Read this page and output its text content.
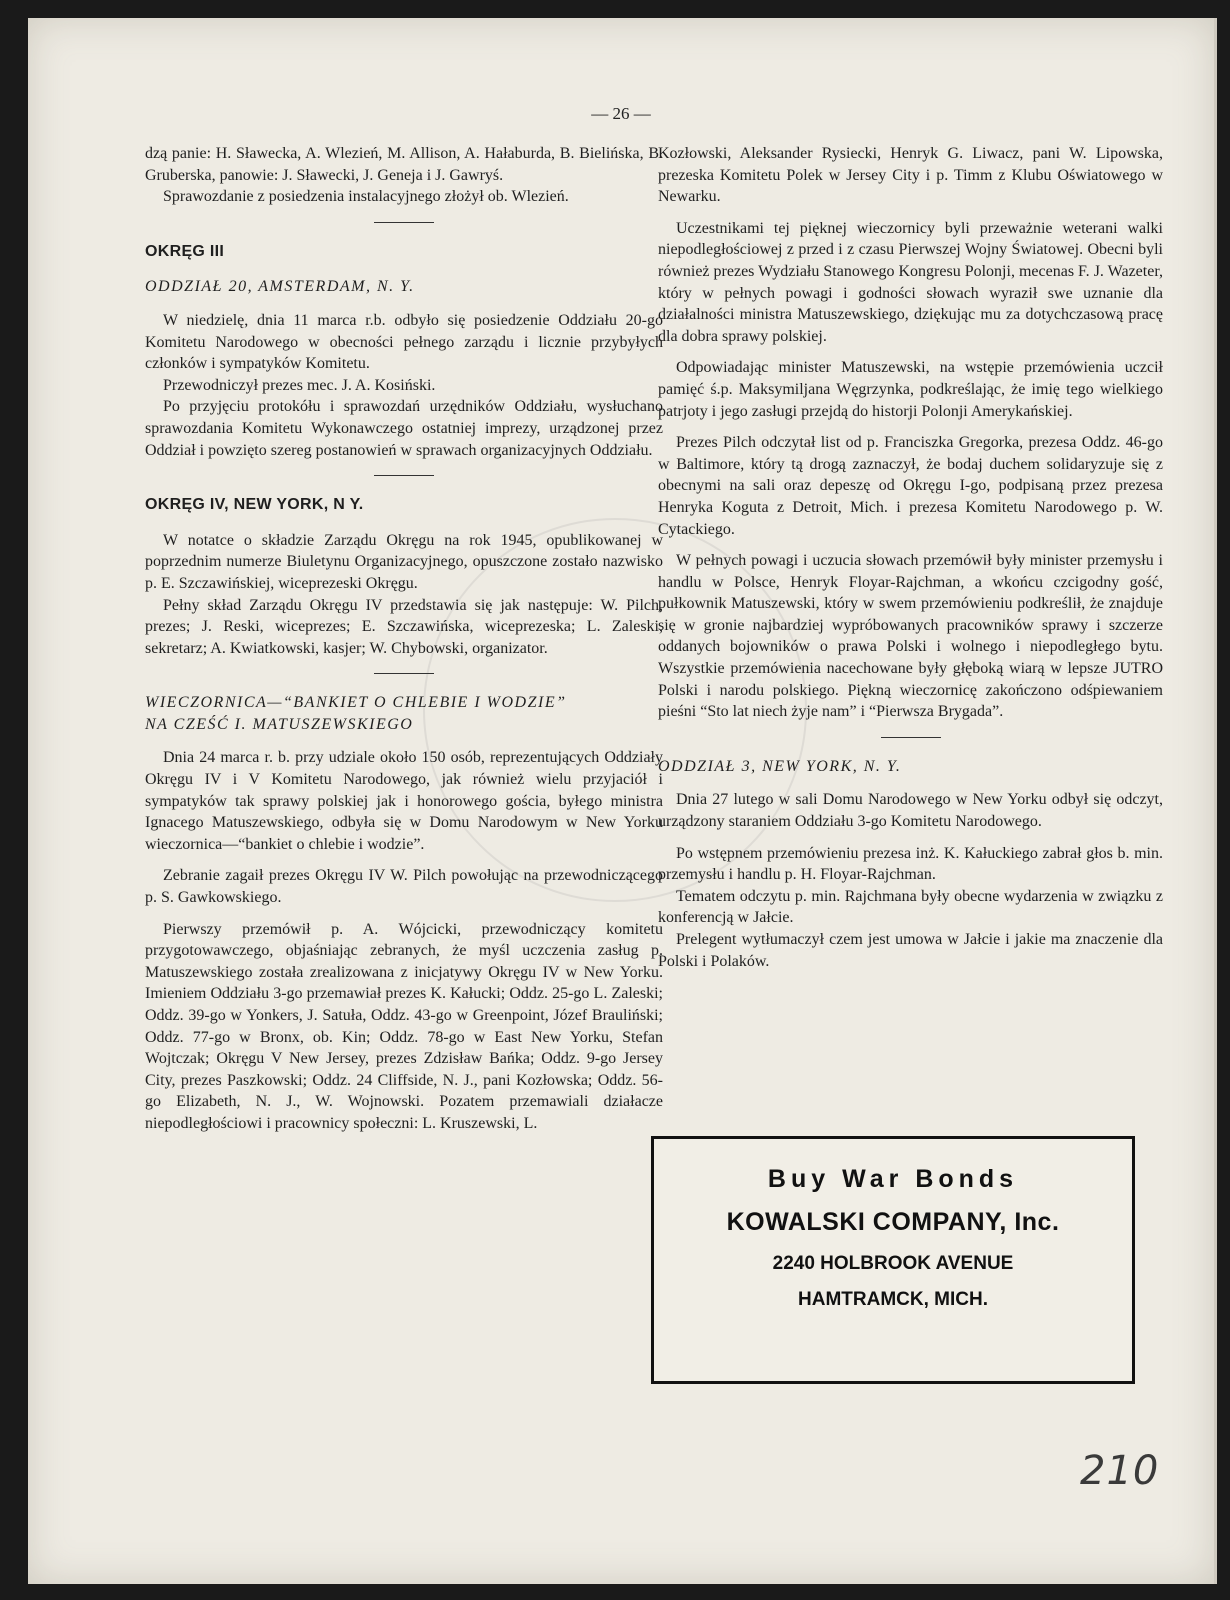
— 26 —

dzą panie: H. Sławecka, A. Wlezień, M. Allison, A. Hałaburda, B. Bielińska, B. Gruberska, panowie: J. Sławecki, J. Geneja i J. Gawryś.

Sprawozdanie z posiedzenia instalacyjnego złożył ob. Wlezień.

OKRĘG III
ODDZIAŁ 20, AMSTERDAM, N. Y.

W niedzielę, dnia 11 marca r.b. odbyło się posiedzenie Oddziału 20-go Komitetu Narodowego w obecności pełnego zarządu i licznie przybyłych członków i sympatyków Komitetu.

Przewodniczył prezes mec. J. A. Kosiński.

Po przyjęciu protokółu i sprawozdań urzędników Oddziału, wysłuchano sprawozdania Komitetu Wykonawczego ostatniej imprezy, urządzonej przez Oddział i powzięto szereg postanowień w sprawach organizacyjnych Oddziału.

OKRĘG IV, NEW YORK, N Y.

W notatce o składzie Zarządu Okręgu na rok 1945, opublikowanej w poprzednim numerze Biuletynu Organizacyjnego, opuszczone zostało nazwisko p. E. Szczawińskiej, wiceprezeski Okręgu.

Pełny skład Zarządu Okręgu IV przedstawia się jak następuje: W. Pilch, prezes; J. Reski, wiceprezes; E. Szczawińska, wiceprezeska; L. Zaleski, sekretarz; A. Kwiatkowski, kasjer; W. Chybowski, organizator.

WIECZORNICA—“BANKIET O CHLEBIE I WODZIE”
NA CZEŚĆ I. MATUSZEWSKIEGO

Dnia 24 marca r. b. przy udziale około 150 osób, reprezentujących Oddziały Okręgu IV i V Komitetu Narodowego, jak również wielu przyjaciół i sympatyków tak sprawy polskiej jak i honorowego gościa, byłego ministra Ignacego Matuszewskiego, odbyła się w Domu Narodowym w New Yorku wieczornica—“bankiet o chlebie i wodzie”.

Zebranie zagaił prezes Okręgu IV W. Pilch powołując na przewodniczącego p. S. Gawkowskiego.

Pierwszy przemówił p. A. Wójcicki, przewodniczący komitetu przygotowawczego, objaśniając zebranych, że myśl uczczenia zasług p. Matuszewskiego została zrealizowana z inicjatywy Okręgu IV w New Yorku. Imieniem Oddziału 3-go przemawiał prezes K. Kałucki; Oddz. 25-go L. Zaleski; Oddz. 39-go w Yonkers, J. Satuła, Oddz. 43-go w Greenpoint, Józef Brauliński; Oddz. 77-go w Bronx, ob. Kin; Oddz. 78-go w East New Yorku, Stefan Wojtczak; Okręgu V New Jersey, prezes Zdzisław Bańka; Oddz. 9-go Jersey City, prezes Paszkowski; Oddz. 24 Cliffside, N. J., pani Kozłowska; Oddz. 56-go Elizabeth, N. J., W. Wojnowski. Pozatem przemawiali działacze niepodległościowi i pracownicy społeczni: L. Kruszewski, L.

Kozłowski, Aleksander Rysiecki, Henryk G. Liwacz, pani W. Lipowska, prezeska Komitetu Polek w Jersey City i p. Timm z Klubu Oświatowego w Newarku.

Uczestnikami tej pięknej wieczornicy byli przeważnie weterani walki niepodległościowej z przed i z czasu Pierwszej Wojny Światowej. Obecni byli również prezes Wydziału Stanowego Kongresu Polonji, mecenas F. J. Wazeter, który w pełnych powagi i godności słowach wyraził swe uznanie dla działalności ministra Matuszewskiego, dziękując mu za dotychczasową pracę dla dobra sprawy polskiej.

Odpowiadając minister Matuszewski, na wstępie przemówienia uczcił pamięć ś.p. Maksymiljana Węgrzynka, podkreślając, że imię tego wielkiego patrjoty i jego zasługi przejdą do historji Polonji Amerykańskiej.

Prezes Pilch odczytał list od p. Franciszka Gregorka, prezesa Oddz. 46-go w Baltimore, który tą drogą zaznaczył, że bodaj duchem solidaryzuje się z obecnymi na sali oraz depeszę od Okręgu I-go, podpisaną przez prezesa Henryka Koguta z Detroit, Mich. i prezesa Komitetu Narodowego p. W. Cytackiego.

W pełnych powagi i uczucia słowach przemówił były minister przemysłu i handlu w Polsce, Henryk Floyar-Rajchman, a wkońcu czcigodny gość, pułkownik Matuszewski, który w swem przemówieniu podkreślił, że znajduje się w gronie najbardziej wypróbowanych pracowników sprawy i szczerze oddanych bojowników o prawa Polski i wolnego i niepodległego bytu. Wszystkie przemówienia nacechowane były głęboką wiarą w lepsze JUTRO Polski i narodu polskiego. Piękną wieczornicę zakończono odśpiewaniem pieśni “Sto lat niech żyje nam” i “Pierwsza Brygada”.

ODDZIAŁ 3, NEW YORK, N. Y.

Dnia 27 lutego w sali Domu Narodowego w New Yorku odbył się odczyt, urządzony staraniem Oddziału 3-go Komitetu Narodowego.

Po wstępnem przemówieniu prezesa inż. K. Kałuckiego zabrał głos b. min. przemysłu i handlu p. H. Floyar-Rajchman.

Tematem odczytu p. min. Rajchmana były obecne wydarzenia w związku z konferencją w Jałcie.

Prelegent wytłumaczył czem jest umowa w Jałcie i jakie ma znaczenie dla Polski i Polaków.

Buy War Bonds
KOWALSKI COMPANY, Inc.
2240 HOLBROOK AVENUE
HAMTRAMCK, MICH.
210
